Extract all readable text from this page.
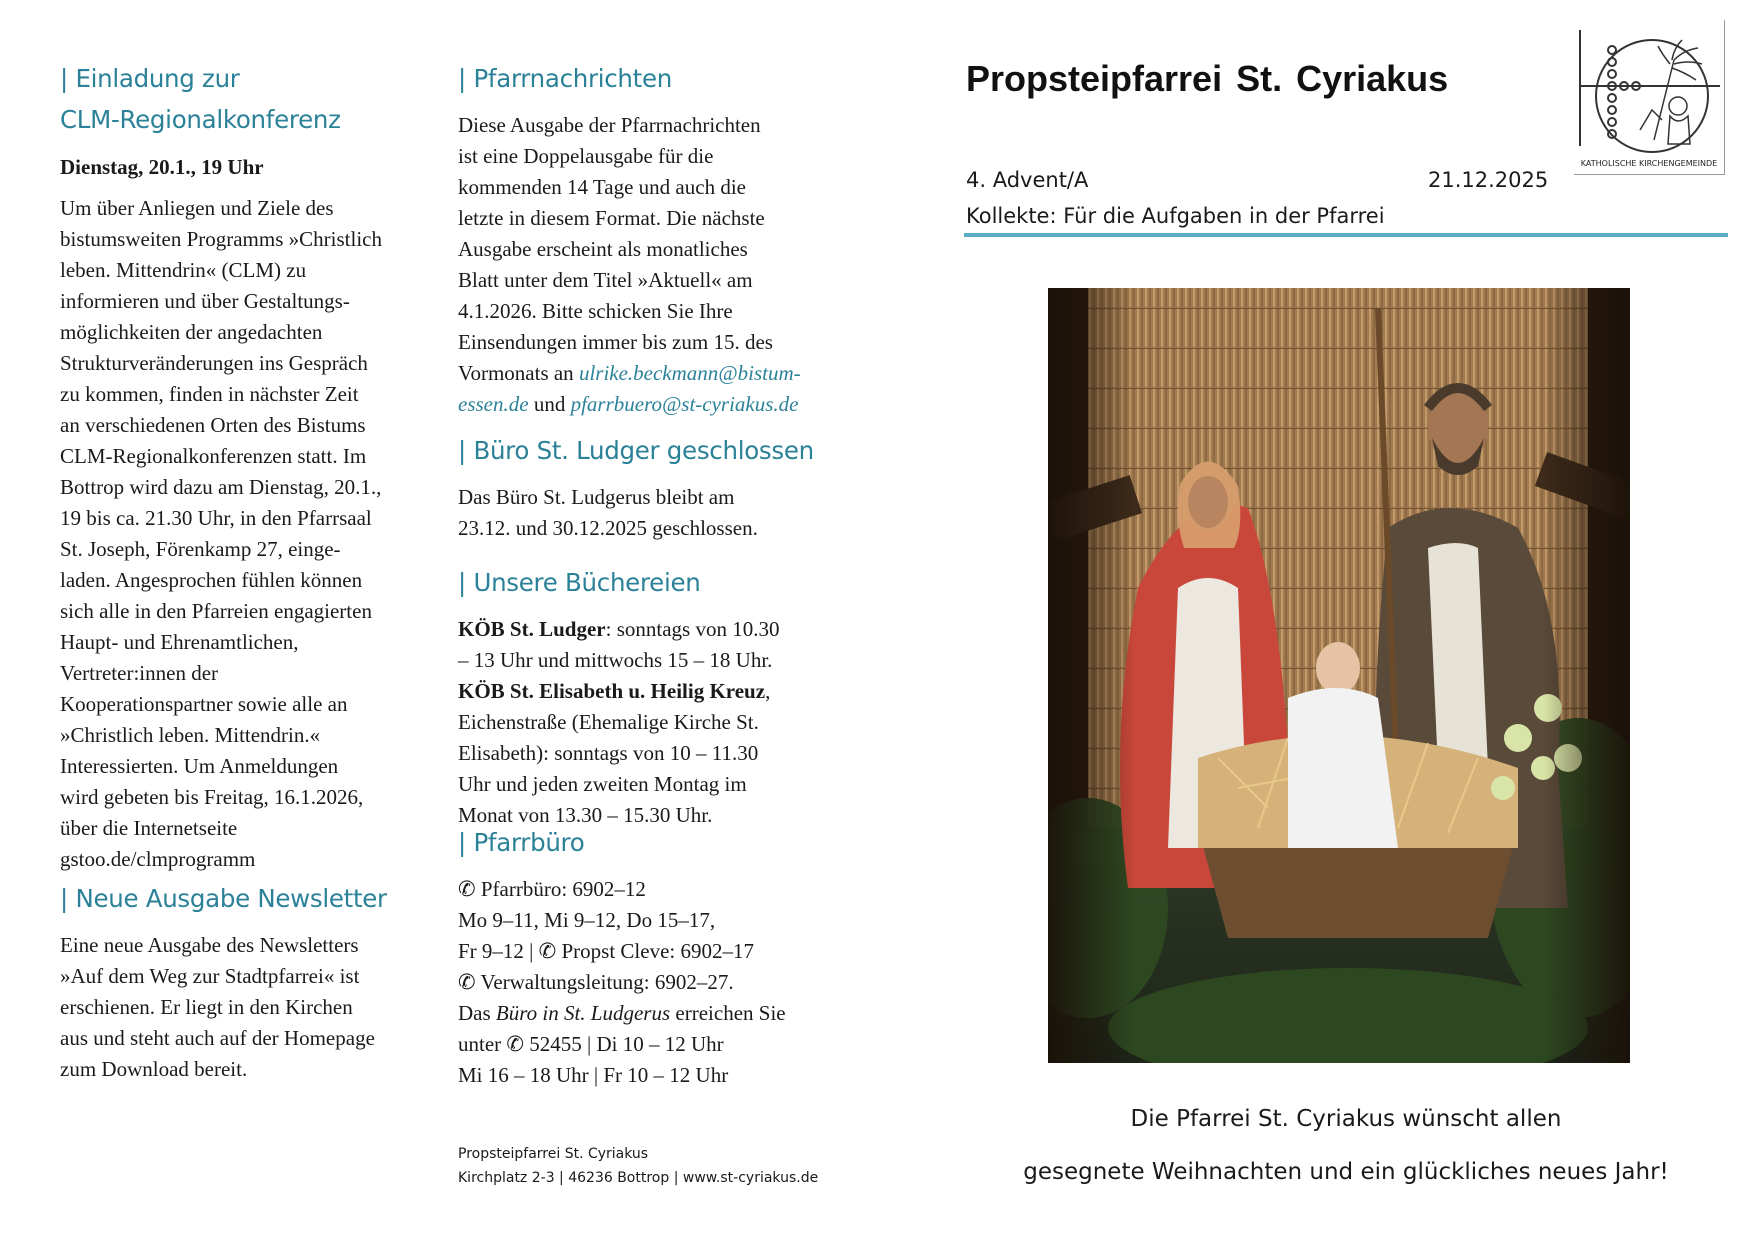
| Einladung zur
CLM-Regionalkonferenz

Dienstag, 20.1., 19 Uhr

Um über Anliegen und Ziele des
bistumsweiten Programms »Christlich
leben. Mittendrin« (CLM) zu
informieren und über Gestaltungs-
möglichkeiten der angedachten
Strukturveränderungen ins Gespräch
zu kommen, finden in nächster Zeit
an verschiedenen Orten des Bistums
CLM-Regionalkonferenzen statt. Im
Bottrop wird dazu am Dienstag, 20.1.,
19 bis ca. 21.30 Uhr, in den Pfarrsaal
St. Joseph, Förenkamp 27, einge-
laden. Angesprochen fühlen können
sich alle in den Pfarreien engagierten
Haupt- und Ehrenamtlichen,
Vertreter:innen der
Kooperationspartner sowie alle an
»Christlich leben. Mittendrin.«
Interessierten. Um Anmeldungen
wird gebeten bis Freitag, 16.1.2026,
über die Internetseite
gstoo.de/clmprogramm
| Neue Ausgabe Newsletter
Eine neue Ausgabe des Newsletters
»Auf dem Weg zur Stadtpfarrei« ist
erschienen. Er liegt in den Kirchen
aus und steht auch auf der Homepage
zum Download bereit.
| Pfarrnachrichten
Diese Ausgabe der Pfarrnachrichten
ist eine Doppelausgabe für die
kommenden 14 Tage und auch die
letzte in diesem Format. Die nächste
Ausgabe erscheint als monatliches
Blatt unter dem Titel »Aktuell« am
4.1.2026. Bitte schicken Sie Ihre
Einsendungen immer bis zum 15. des
Vormonats an ulrike.beckmann@bistum-
essen.de und pfarrbuero@st-cyriakus.de
| Büro St. Ludger geschlossen
Das Büro St. Ludgerus bleibt am
23.12. und 30.12.2025 geschlossen.
| Unsere Büchereien
KÖB St. Ludger: sonntags von 10.30
– 13 Uhr und mittwochs 15 – 18 Uhr.
KÖB St. Elisabeth u. Heilig Kreuz,
Eichenstraße (Ehemalige Kirche St.
Elisabeth): sonntags von 10 – 11.30
Uhr und jeden zweiten Montag im
Monat von 13.30 – 15.30 Uhr.
| Pfarrbüro
✆ Pfarrbüro: 6902–12
Mo 9–11, Mi 9–12, Do 15–17,
Fr 9–12 | ✆ Propst Cleve: 6902–17
✆ Verwaltungsleitung: 6902–27.
Das Büro in St. Ludgerus erreichen Sie
unter ✆ 52455 | Di 10 – 12 Uhr
Mi 16 – 18 Uhr | Fr 10 – 12 Uhr
Propsteipfarrei St. Cyriakus
Kirchplatz 2-3 | 46236 Bottrop | www.st-cyriakus.de
Propsteipfarrei St. Cyriakus
4. Advent/A	21.12.2025
Kollekte: Für die Aufgaben in der Pfarrei
KATHOLISCHE KIRCHENGEMEINDE
Die Pfarrei St. Cyriakus wünscht allen
gesegnete Weihnachten und ein glückliches neues Jahr!
